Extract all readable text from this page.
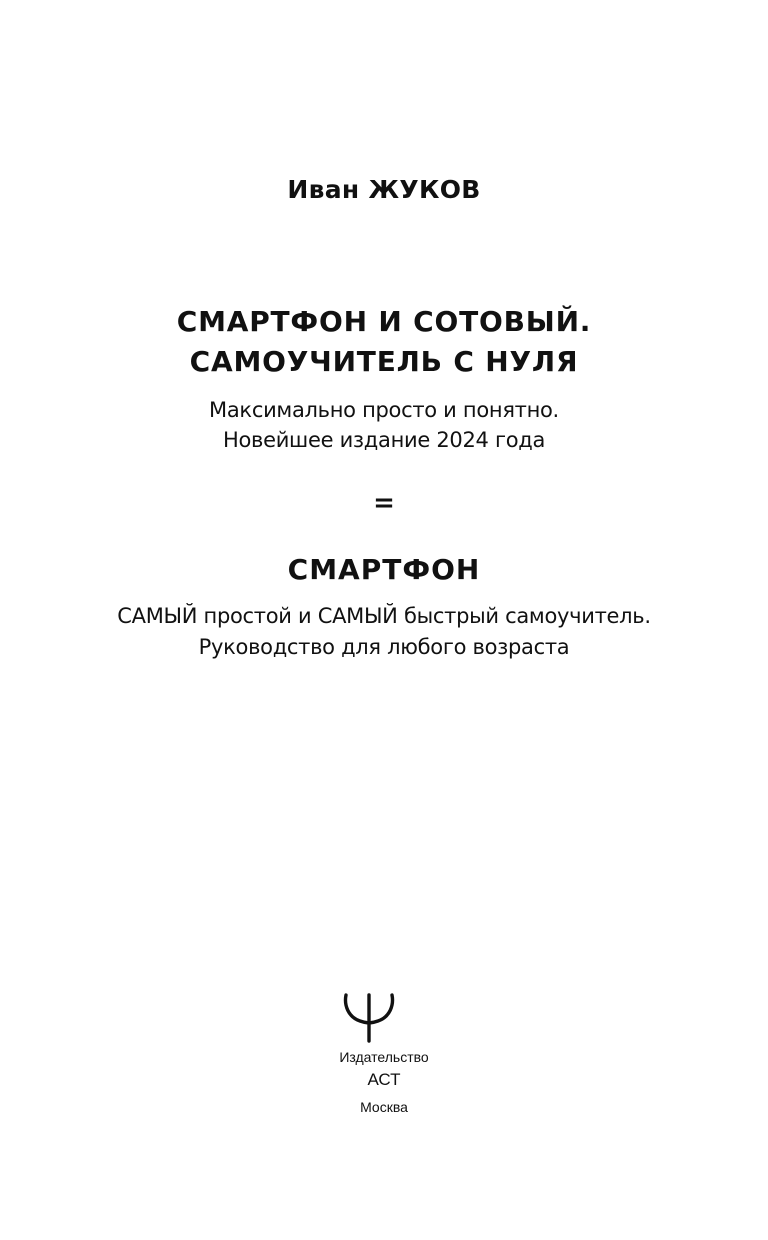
Иван ЖУКОВ
СМАРТФОН И СОТОВЫЙ.
САМОУЧИТЕЛЬ С НУЛЯ
Максимально просто и понятно.
Новейшее издание 2024 года
=
СМАРТФОН
САМЫЙ простой и САМЫЙ быстрый самоучитель.
Руководство для любого возраста
Издательство
АСТ
Москва
